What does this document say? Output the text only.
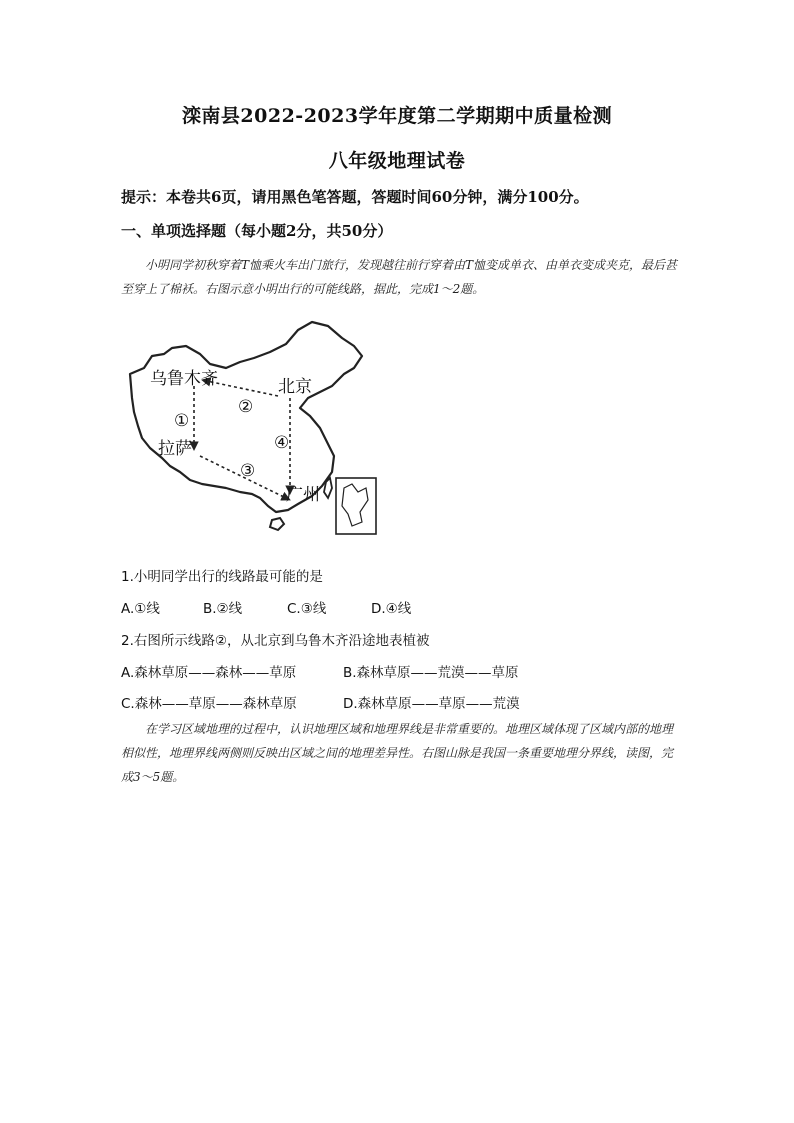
滦南县2022-2023学年度第二学期期中质量检测
八年级地理试卷
提示：本卷共6页，请用黑色笔答题，答题时间60分钟，满分100分。
一、单项选择题（每小题2分，共50分）
小明同学初秋穿着T恤乘火车出门旅行，发现越往前行穿着由T恤变成单衣、由单衣变成夹克，最后甚至穿上了棉袄。右图示意小明出行的可能线路，据此，完成1～2题。
乌鲁木齐	北京
拉萨
广州
①
②
③
④
1.小明同学出行的线路最可能的是
A.①线	B.②线	C.③线	D.④线
2.右图所示线路②，从北京到乌鲁木齐沿途地表植被
A.森林草原——森林——草原	B.森林草原——荒漠——草原
C.森林——草原——森林草原	D.森林草原——草原——荒漠
在学习区域地理的过程中，认识地理区域和地理界线是非常重要的。地理区域体现了区域内部的地理相似性，地理界线两侧则反映出区域之间的地理差异性。右图山脉是我国一条重要地理分界线，读图，完成3～5题。
